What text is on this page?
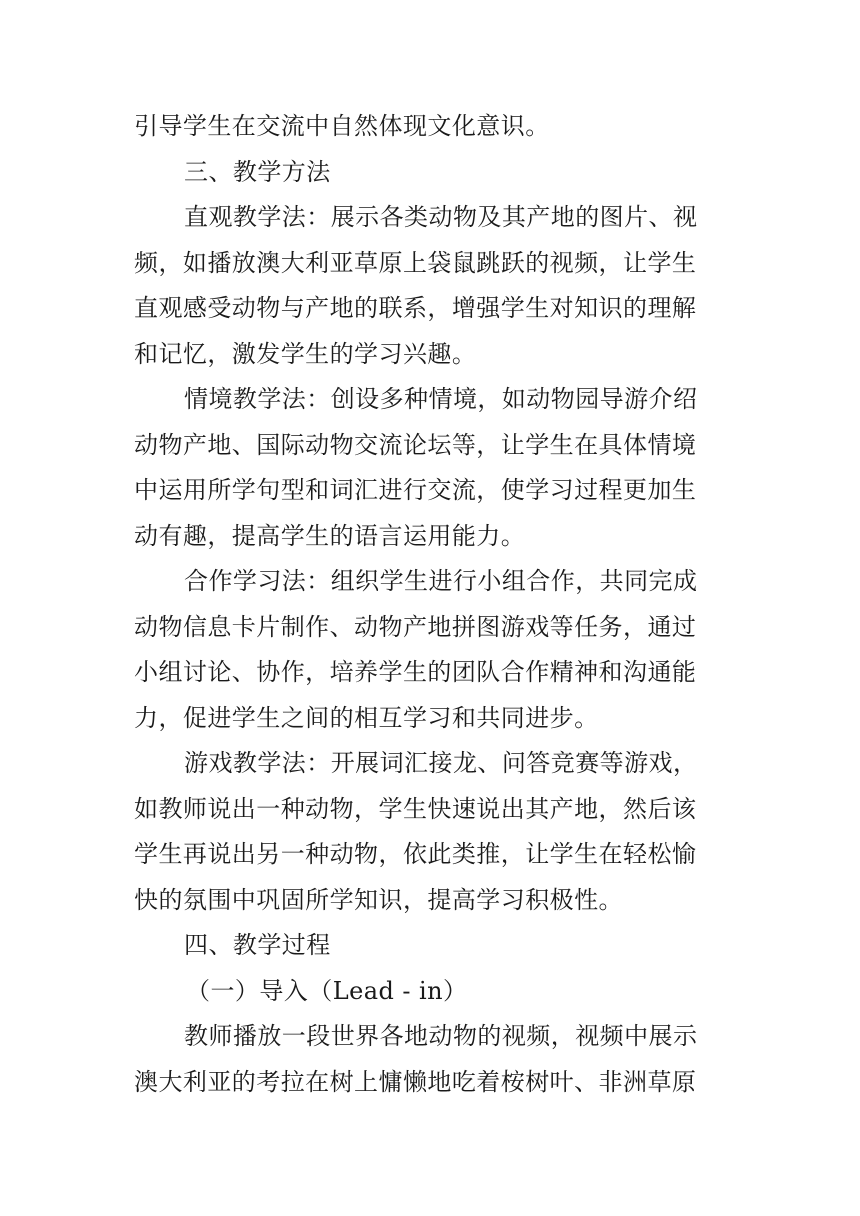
引导学生在交流中自然体现文化意识。
三、教学方法
直观教学法：展示各类动物及其产地的图片、视
频，如播放澳大利亚草原上袋鼠跳跃的视频，让学生
直观感受动物与产地的联系，增强学生对知识的理解
和记忆，激发学生的学习兴趣。
情境教学法：创设多种情境，如动物园导游介绍
动物产地、国际动物交流论坛等，让学生在具体情境
中运用所学句型和词汇进行交流，使学习过程更加生
动有趣，提高学生的语言运用能力。
合作学习法：组织学生进行小组合作，共同完成
动物信息卡片制作、动物产地拼图游戏等任务，通过
小组讨论、协作，培养学生的团队合作精神和沟通能
力，促进学生之间的相互学习和共同进步。
游戏教学法：开展词汇接龙、问答竞赛等游戏，
如教师说出一种动物，学生快速说出其产地，然后该
学生再说出另一种动物，依此类推，让学生在轻松愉
快的氛围中巩固所学知识，提高学习积极性。
四、教学过程
（一）导入（Lead - in）
教师播放一段世界各地动物的视频，视频中展示
澳大利亚的考拉在树上慵懒地吃着桉树叶、非洲草原
